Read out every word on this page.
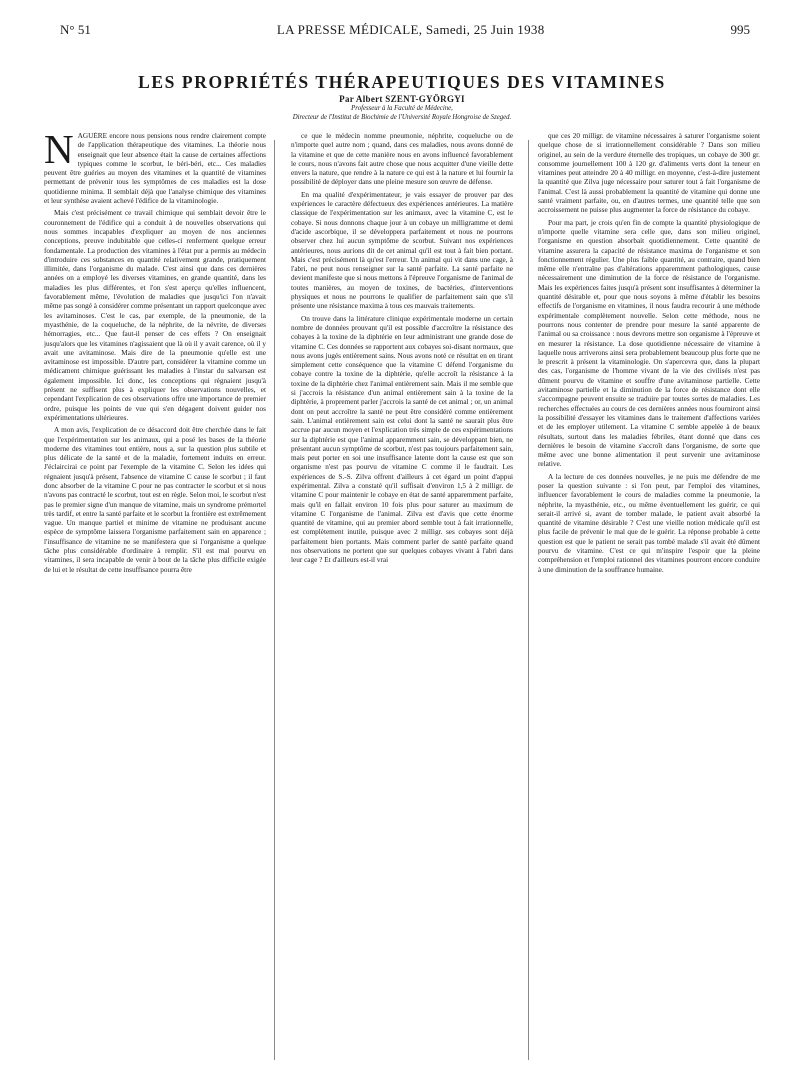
N° 51	LA PRESSE MÉDICALE, Samedi, 25 Juin 1938	995
LES PROPRIÉTÉS THÉRAPEUTIQUES DES VITAMINES
Par Albert SZENT-GYÖRGYI
Professeur à la Faculté de Médecine,
Directeur de l'Institut de Biochimie de l'Université Royale Hongroise de Szeged.

NAGUÈRE encore nous pensions nous rendre clairement compte de l'application thérapeutique des vitamines. La théorie nous enseignait que leur absence était la cause de certaines affections typiques comme le scorbut, le béri-béri, etc... Ces maladies peuvent être guéries au moyen des vitamines et la quantité de vitamines permettant de prévenir tous les symptômes de ces maladies est la dose quotidienne minima. Il semblait déjà que l'analyse chimique des vitamines et leur synthèse avaient achevé l'édifice de la vitaminologie.

Mais c'est précisément ce travail chimique qui semblait devoir être le couronnement de l'édifice qui a conduit à de nouvelles observations qui nous sommes incapables d'expliquer au moyen de nos anciennes conceptions, preuve indubitable que celles-ci renferment quelque erreur fondamentale. La production des vitamines à l'état pur a permis au médecin d'introduire ces substances en quantité relativement grande, pratiquement illimitée, dans l'organisme du malade. C'est ainsi que dans ces dernières années on a employé les diverses vitamines, en grande quantité, dans les maladies les plus différentes, et l'on s'est aperçu qu'elles influencent, favorablement même, l'évolution de maladies que jusqu'ici l'on n'avait même pas songé à considérer comme présentant un rapport quelconque avec les avitaminoses. C'est le cas, par exemple, de la pneumonie, de la myasthénie, de la coqueluche, de la néphrite, de la névrite, de diverses hémorragies, etc... Que faut-il penser de ces effets ? On enseignait jusqu'alors que les vitamines n'agissaient que là où il y avait carence, où il y avait une avitaminose. Mais dire de la pneumonie qu'elle est une avitaminose est impossible. D'autre part, considérer la vitamine comme un médicament chimique guérissant les maladies à l'instar du salvarsan est également impossible. Ici donc, les conceptions qui régnaient jusqu'à présent ne suffisent plus à expliquer les observations nouvelles, et cependant l'explication de ces observations offre une importance de premier ordre, puisque les points de vue qui s'en dégagent doivent guider nos expérimentations ultérieures.

A mon avis, l'explication de ce désaccord doit être cherchée dans le fait que l'expérimentation sur les animaux, qui a posé les bases de la théorie moderne des vitamines tout entière, nous a, sur la question plus subtile et plus délicate de la santé et de la maladie, fortement induits en erreur. J'éclaircirai ce point par l'exemple de la vitamine C. Selon les idées qui régnaient jusqu'à présent, l'absence de vitamine C cause le scorbut ; il faut donc absorber de la vitamine C pour ne pas contracter le scorbut et si nous n'avons pas contracté le scorbut, tout est en règle. Selon moi, le scorbut n'est pas le premier signe d'un manque de vitamine, mais un syndrome prémortel très tardif, et entre la santé parfaite et le scorbut la frontière est extrêmement vague. Un manque partiel et minime de vitamine ne produisant aucune espèce de symptôme laissera l'organisme parfaitement sain en apparence ; l'insuffisance de vitamine ne se manifestera que si l'organisme a quelque tâche plus considérable d'ordinaire à remplir. S'il est mal pourvu en vitamines, il sera incapable de venir à bout de la tâche plus difficile exigée de lui et le résultat de cette insuffisance pourra être

ce que le médecin nomme pneumonie, néphrite, coqueluche ou de n'importe quel autre nom ; quand, dans ces maladies, nous avons donné de la vitamine et que de cette manière nous en avons influencé favorablement le cours, nous n'avons fait autre chose que nous acquitter d'une vieille dette envers la nature, que rendre à la nature ce qui est à la nature et lui fournir la possibilité de déployer dans une pleine mesure son œuvre de défense.

En ma qualité d'expérimentateur, je vais essayer de prouver par des expériences le caractère défectueux des expériences antérieures. La matière classique de l'expérimentation sur les animaux, avec la vitamine C, est le cobaye. Si nous donnons chaque jour à un cobaye un milligramme et demi d'acide ascorbique, il se développera parfaitement et nous ne pourrons observer chez lui aucun symptôme de scorbut. Suivant nos expériences antérieures, nous aurions dit de cet animal qu'il est tout à fait bien portant. Mais c'est précisément là qu'est l'erreur. Un animal qui vit dans une cage, à l'abri, ne peut nous renseigner sur la santé parfaite. La santé parfaite ne devient manifeste que si nous mettons à l'épreuve l'organisme de l'animal de toutes manières, au moyen de toxines, de bactéries, d'interventions physiques et nous ne pourrons le qualifier de parfaitement sain que s'il présente une résistance maxima à tous ces mauvais traitements.

On trouve dans la littérature clinique expérimentale moderne un certain nombre de données prouvant qu'il est possible d'accroître la résistance des cobayes à la toxine de la diphtérie en leur administrant une grande dose de vitamine C. Ces données se rapportent aux cobayes soi-disant normaux, que nous avons jugés entièrement sains. Nous avons noté ce résultat en en tirant simplement cette conséquence que la vitamine C défend l'organisme du cobaye contre la toxine de la diphtérie, qu'elle accroît la résistance à la toxine de la diphtérie chez l'animal entièrement sain. Mais il me semble que si j'accrois la résistance d'un animal entièrement sain à la toxine de la diphtérie, à proprement parler j'accrois la santé de cet animal ; or, un animal dont on peut accroître la santé ne peut être considéré comme entièrement sain. L'animal entièrement sain est celui dont la santé ne saurait plus être accrue par aucun moyen et l'explication très simple de ces expérimentations sur la diphtérie est que l'animal apparemment sain, se développant bien, ne présentant aucun symptôme de scorbut, n'est pas toujours parfaitement sain, mais peut porter en soi une insuffisance latente dont la cause est que son organisme n'est pas pourvu de vitamine C comme il le faudrait. Les expériences de S.-S. Zilva offrent d'ailleurs à cet égard un point d'appui expérimental. Zilva a constaté qu'il suffisait d'environ 1,5 à 2 milligr. de vitamine C pour maintenir le cobaye en état de santé apparemment parfaite, mais qu'il en fallait environ 10 fois plus pour saturer au maximum de vitamine C l'organisme de l'animal. Zilva est d'avis que cette énorme quantité de vitamine, qui au premier abord semble tout à fait irrationnelle, est complètement inutile, puisque avec 2 milligr. ses cobayes sont déjà parfaitement bien portants. Mais comment parler de santé parfaite quand nos observations ne portent que sur quelques cobayes vivant à l'abri dans leur cage ? Et d'ailleurs est-il vrai

que ces 20 milligr. de vitamine nécessaires à saturer l'organisme soient quelque chose de si irrationnellement considérable ? Dans son milieu originel, au sein de la verdure éternelle des tropiques, un cobaye de 300 gr. consomme journellement 100 à 120 gr. d'aliments verts dont la teneur en vitamines peut atteindre 20 à 40 milligr. en moyenne, c'est-à-dire justement la quantité que Zilva juge nécessaire pour saturer tout à fait l'organisme de l'animal. C'est là aussi probablement la quantité de vitamine qui donne une santé vraiment parfaite, ou, en d'autres termes, une quantité telle que son accroissement ne puisse plus augmenter la force de résistance du cobaye.

Pour ma part, je crois qu'en fin de compte la quantité physiologique de n'importe quelle vitamine sera celle que, dans son milieu originel, l'organisme en question absorbait quotidiennement. Cette quantité de vitamine assurera la capacité de résistance maxima de l'organisme et son fonctionnement régulier. Une plus faible quantité, au contraire, quand bien même elle n'entraîne pas d'altérations apparemment pathologiques, cause nécessairement une diminution de la force de résistance de l'organisme. Mais les expériences faites jusqu'à présent sont insuffisantes à déterminer la quantité désirable et, pour que nous soyons à même d'établir les besoins effectifs de l'organisme en vitamines, il nous faudra recourir à une méthode expérimentale complètement nouvelle. Selon cette méthode, nous ne pourrons nous contenter de prendre pour mesure la santé apparente de l'animal ou sa croissance : nous devrons mettre son organisme à l'épreuve et en mesurer la résistance. La dose quotidienne nécessaire de vitamine à laquelle nous arriverons ainsi sera probablement beaucoup plus forte que ne le prescrit à présent la vitaminologie. On s'apercevra que, dans la plupart des cas, l'organisme de l'homme vivant de la vie des civilisés n'est pas dûment pourvu de vitamine et souffre d'une avitaminose partielle. Cette avitaminose partielle et la diminution de la force de résistance dont elle s'accompagne peuvent ensuite se traduire par toutes sortes de maladies. Les recherches effectuées au cours de ces dernières années nous fourniront ainsi la possibilité d'essayer les vitamines dans le traitement d'affections variées et de les employer utilement. La vitamine C semble appelée à de beaux résultats, surtout dans les maladies fébriles, étant donné que dans ces dernières le besoin de vitamine s'accroît dans l'organisme, de sorte que même avec une bonne alimentation il peut survenir une avitaminose relative.

A la lecture de ces données nouvelles, je ne puis me défendre de me poser la question suivante : si l'on peut, par l'emploi des vitamines, influencer favorablement le cours de maladies comme la pneumonie, la néphrite, la myasthénie, etc., ou même éventuellement les guérir, ce qui serait-il arrivé si, avant de tomber malade, le patient avait absorbé la quantité de vitamine désirable ? C'est une vieille notion médicale qu'il est plus facile de prévenir le mal que de le guérir. La réponse probable à cette question est que le patient ne serait pas tombé malade s'il avait été dûment pourvu de vitamine. C'est ce qui m'inspire l'espoir que la pleine compréhension et l'emploi rationnel des vitamines pourront encore conduire à une diminution de la souffrance humaine.
